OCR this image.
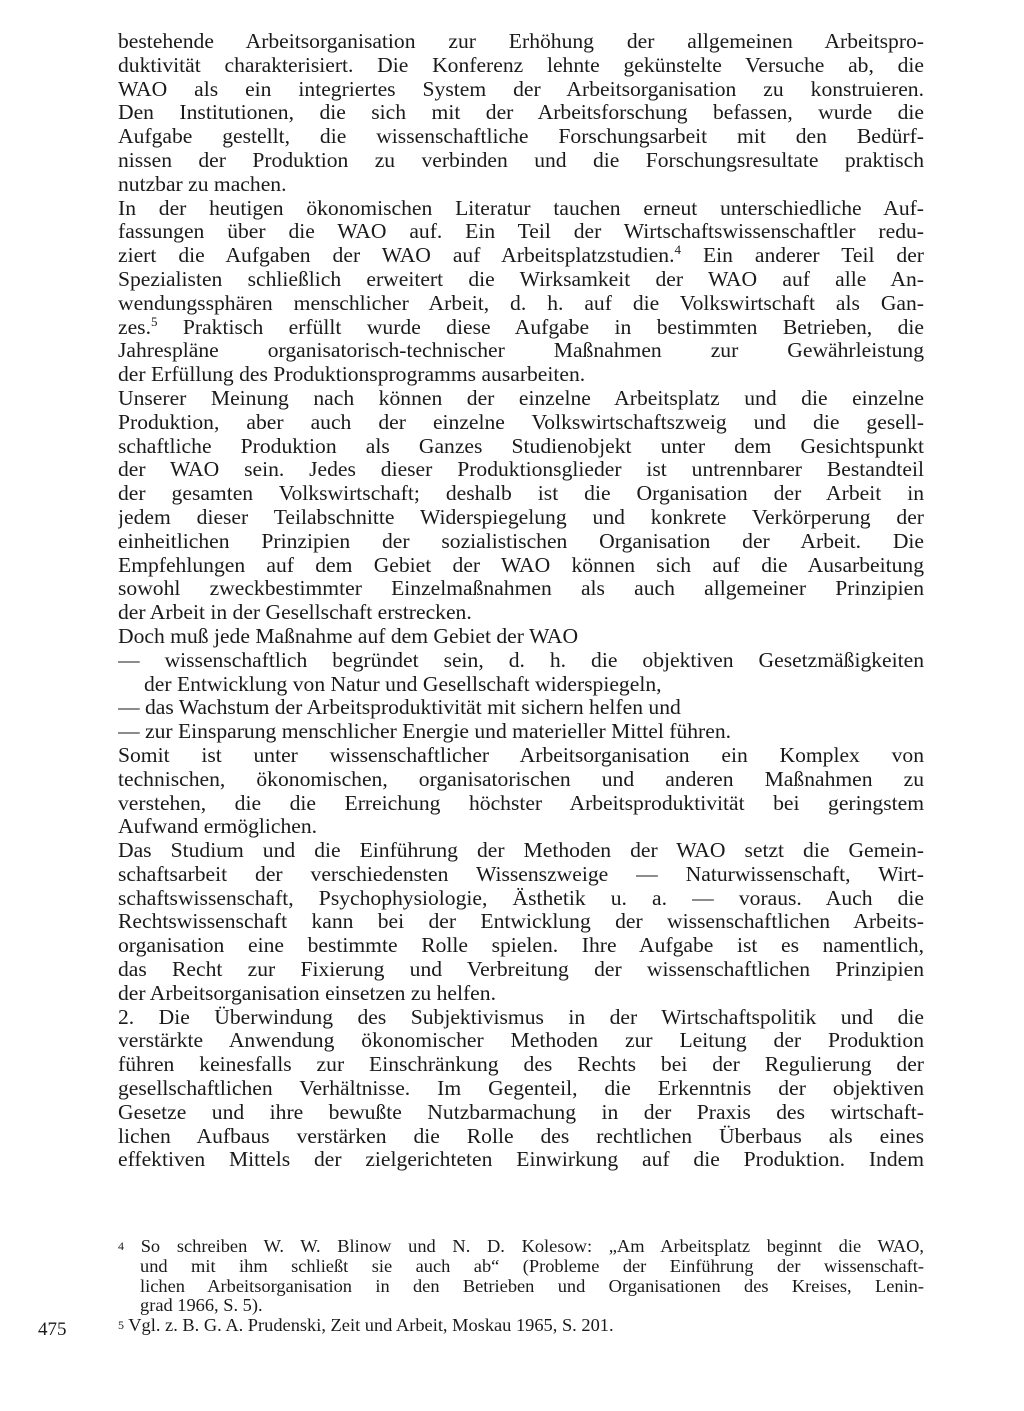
bestehende Arbeitsorganisation zur Erhöhung der allgemeinen Arbeitspro-
duktivität charakterisiert. Die Konferenz lehnte gekünstelte Versuche ab, die
WAO als ein integriertes System der Arbeitsorganisation zu konstruieren.
Den Institutionen, die sich mit der Arbeitsforschung befassen, wurde die
Aufgabe gestellt, die wissenschaftliche Forschungsarbeit mit den Bedürf-
nissen der Produktion zu verbinden und die Forschungsresultate praktisch
nutzbar zu machen.
In der heutigen ökonomischen Literatur tauchen erneut unterschiedliche Auf-
fassungen über die WAO auf. Ein Teil der Wirtschaftswissenschaftler redu-
ziert die Aufgaben der WAO auf Arbeitsplatzstudien.$^4$ Ein anderer Teil der
Spezialisten schließlich erweitert die Wirksamkeit der WAO auf alle An-
wendungssphären menschlicher Arbeit, d. h. auf die Volkswirtschaft als Gan-
zes.$^5$ Praktisch erfüllt wurde diese Aufgabe in bestimmten Betrieben, die
Jahrespläne organisatorisch-technischer Maßnahmen zur Gewährleistung
der Erfüllung des Produktionsprogramms ausarbeiten.
Unserer Meinung nach können der einzelne Arbeitsplatz und die einzelne
Produktion, aber auch der einzelne Volkswirtschaftszweig und die gesell-
schaftliche Produktion als Ganzes Studienobjekt unter dem Gesichtspunkt
der WAO sein. Jedes dieser Produktionsglieder ist untrennbarer Bestandteil
der gesamten Volkswirtschaft; deshalb ist die Organisation der Arbeit in
jedem dieser Teilabschnitte Widerspiegelung und konkrete Verkörperung der
einheitlichen Prinzipien der sozialistischen Organisation der Arbeit. Die
Empfehlungen auf dem Gebiet der WAO können sich auf die Ausarbeitung
sowohl zweckbestimmter Einzelmaßnahmen als auch allgemeiner Prinzipien
der Arbeit in der Gesellschaft erstrecken.
Doch muß jede Maßnahme auf dem Gebiet der WAO
— wissenschaftlich begründet sein, d. h. die objektiven Gesetzmäßigkeiten
der Entwicklung von Natur und Gesellschaft widerspiegeln,
— das Wachstum der Arbeitsproduktivität mit sichern helfen und
— zur Einsparung menschlicher Energie und materieller Mittel führen.
Somit ist unter wissenschaftlicher Arbeitsorganisation ein Komplex von
technischen, ökonomischen, organisatorischen und anderen Maßnahmen zu
verstehen, die die Erreichung höchster Arbeitsproduktivität bei geringstem
Aufwand ermöglichen.
Das Studium und die Einführung der Methoden der WAO setzt die Gemein-
schaftsarbeit der verschiedensten Wissenszweige — Naturwissenschaft, Wirt-
schaftswissenschaft, Psychophysiologie, Ästhetik u. a. — voraus. Auch die
Rechtswissenschaft kann bei der Entwicklung der wissenschaftlichen Arbeits-
organisation eine bestimmte Rolle spielen. Ihre Aufgabe ist es namentlich,
das Recht zur Fixierung und Verbreitung der wissenschaftlichen Prinzipien
der Arbeitsorganisation einsetzen zu helfen.
2. Die Überwindung des Subjektivismus in der Wirtschaftspolitik und die
verstärkte Anwendung ökonomischer Methoden zur Leitung der Produktion
führen keinesfalls zur Einschränkung des Rechts bei der Regulierung der
gesellschaftlichen Verhältnisse. Im Gegenteil, die Erkenntnis der objektiven
Gesetze und ihre bewußte Nutzbarmachung in der Praxis des wirtschaft-
lichen Aufbaus verstärken die Rolle des rechtlichen Überbaus als eines
effektiven Mittels der zielgerichteten Einwirkung auf die Produktion. Indem
$^4$ So schreiben W. W. Blinow und N. D. Kolesow: „Am Arbeitsplatz beginnt die WAO,
und mit ihm schließt sie auch ab“ (Probleme der Einführung der wissenschaft-
lichen Arbeitsorganisation in den Betrieben und Organisationen des Kreises, Lenin-
grad 1966, S. 5).
$^5$ Vgl. z. B. G. A. Prudenski, Zeit und Arbeit, Moskau 1965, S. 201.
475
